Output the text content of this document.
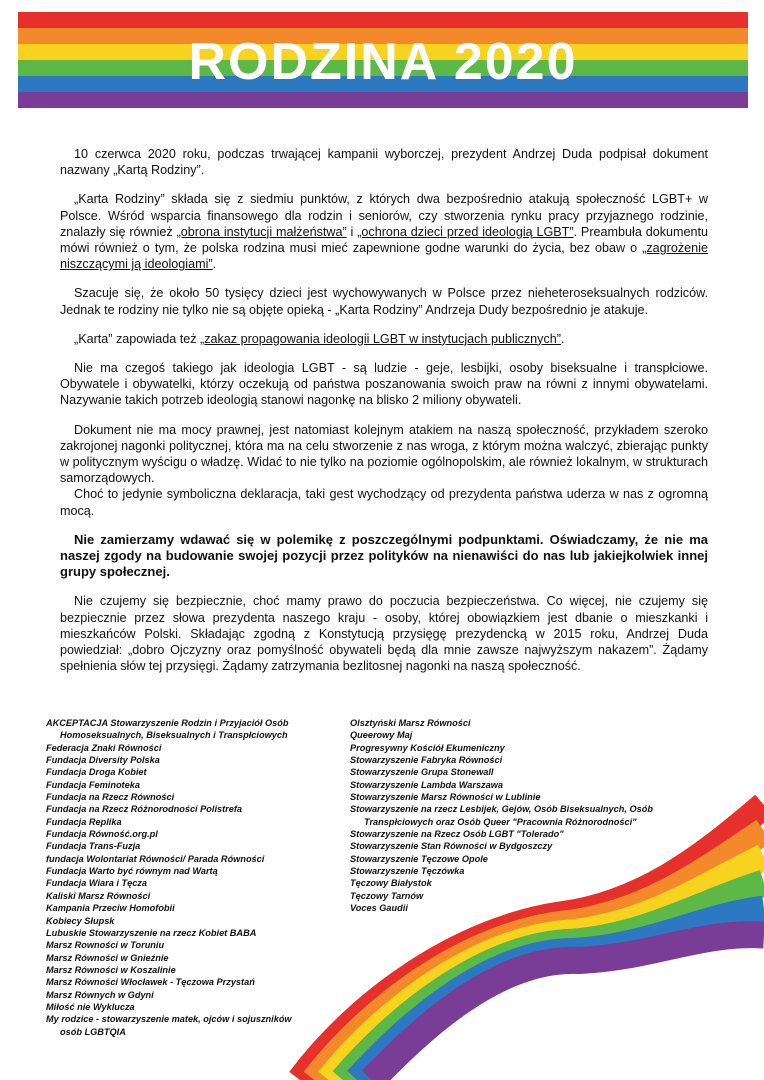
RODZINA 2020

10 czerwca 2020 roku, podczas trwającej kampanii wyborczej, prezydent Andrzej Duda podpisał dokument nazwany „Kartą Rodziny”.

„Karta Rodziny” składa się z siedmiu punktów, z których dwa bezpośrednio atakują społeczność LGBT+ w Polsce. Wśród wsparcia finansowego dla rodzin i seniorów, czy stworzenia rynku pracy przyjaznego rodzinie, znalazły się również „obrona instytucji małżeństwa” i „ochrona dzieci przed ideologią LGBT”. Preambuła dokumentu mówi również o tym, że polska rodzina musi mieć zapewnione godne warunki do życia, bez obaw o „zagrożenie niszczącymi ją ideologiami”.

Szacuje się, że około 50 tysięcy dzieci jest wychowywanych w Polsce przez nieheteroseksualnych rodziców. Jednak te rodziny nie tylko nie są objęte opieką - „Karta Rodziny” Andrzeja Dudy bezpośrednio je atakuje.

„Karta” zapowiada też „zakaz propagowania ideologii LGBT w instytucjach publicznych”.

Nie ma czegoś takiego jak ideologia LGBT - są ludzie - geje, lesbijki, osoby biseksualne i transpłciowe. Obywatele i obywatelki, którzy oczekują od państwa poszanowania swoich praw na równi z innymi obywatelami. Nazywanie takich potrzeb ideologią stanowi nagonkę na blisko 2 miliony obywateli.

Dokument nie ma mocy prawnej, jest natomiast kolejnym atakiem na naszą społeczność, przykładem szeroko zakrojonej nagonki politycznej, która ma na celu stworzenie z nas wroga, z którym można walczyć, zbierając punkty w politycznym wyścigu o władzę. Widać to nie tylko na poziomie ogólnopolskim, ale również lokalnym, w strukturach samorządowych.

Choć to jedynie symboliczna deklaracja, taki gest wychodzący od prezydenta państwa uderza w nas z ogromną mocą.

Nie zamierzamy wdawać się w polemikę z poszczególnymi podpunktami. Oświadczamy, że nie ma naszej zgody na budowanie swojej pozycji przez polityków na nienawiści do nas lub jakiejkolwiek innej grupy społecznej.

Nie czujemy się bezpiecznie, choć mamy prawo do poczucia bezpieczeństwa. Co więcej, nie czujemy się bezpiecznie przez słowa prezydenta naszego kraju - osoby, której obowiązkiem jest dbanie o mieszkanki i mieszkańców Polski. Składając zgodną z Konstytucją przysięgę prezydencką w 2015 roku, Andrzej Duda powiedział: „dobro Ojczyzny oraz pomyślność obywateli będą dla mnie zawsze najwyższym nakazem”. Żądamy spełnienia słów tej przysięgi. Żądamy zatrzymania bezlitosnej nagonki na naszą społeczność.

AKCEPTACJA Stowarzyszenie Rodzin i Przyjaciół Osób
Homoseksualnych, Biseksualnych i Transpłciowych
Federacja Znaki Równości
Fundacja Diversity Polska
Fundacja Droga Kobiet
Fundacja Feminoteka
Fundacja na Rzecz Równości
Fundacja na Rzecz Różnorodności Polistrefa
Fundacja Replika
Fundacja Równość.org.pl
Fundacja Trans-Fuzja
fundacja Wolontariat Równości/ Parada Równości
Fundacja Warto być równym nad Wartą
Fundacja Wiara i Tęcza
Kaliski Marsz Równości
Kampania Przeciw Homofobii
Kobiecy Słupsk
Lubuskie Stowarzyszenie na rzecz Kobiet BABA
Marsz Rowności w Toruniu
Marsz Równości w Gnieźnie
Marsz Równości w Koszalinie
Marsz Równości Włocławek - Tęczowa Przystań
Marsz Równych w Gdyni
Miłość nie Wyklucza
My rodzice - stowarzyszenie matek, ojców i sojuszników
osób LGBTQIA
Olsztyński Marsz Równości
Queerowy Maj
Progresywny Kościół Ekumeniczny
Stowarzyszenie Fabryka Równości
Stowarzyszenie Grupa Stonewall
Stowarzyszenie Lambda Warszawa
Stowarzyszenie Marsz Równości w Lublinie
Stowarzyszenie na rzecz Lesbijek, Gejów, Osób Biseksualnych, Osób
Transpłciowych oraz Osób Queer "Pracownia Różnorodności"
Stowarzyszenie na Rzecz Osób LGBT "Tolerado"
Stowarzyszenie Stan Równości w Bydgoszczy
Stowarzyszenie Tęczowe Opole
Stowarzyszenie Tęczówka
Tęczowy Białystok
Tęczowy Tarnów
Voces Gaudii
